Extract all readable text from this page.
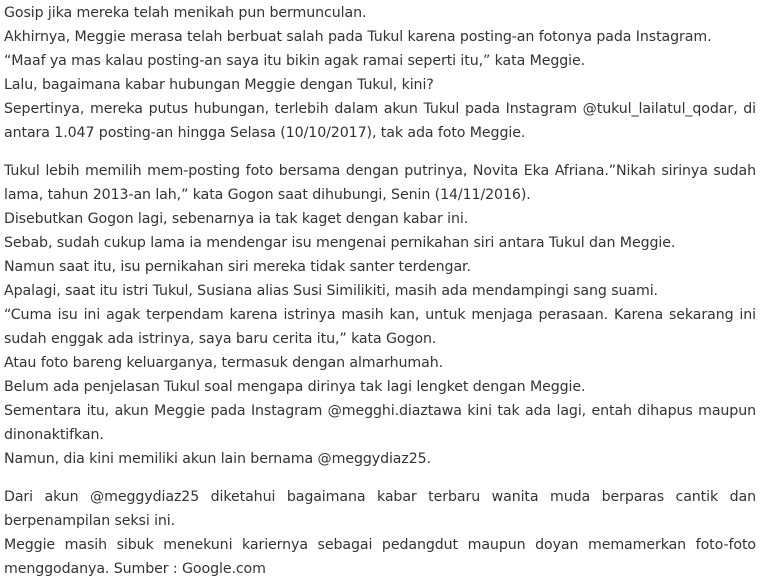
Gosip jika mereka telah menikah pun bermunculan.
Akhirnya, Meggie merasa telah berbuat salah pada Tukul karena posting-an fotonya pada Instagram.
“Maaf ya mas kalau posting-an saya itu bikin agak ramai seperti itu,” kata Meggie.
Lalu, bagaimana kabar hubungan Meggie dengan Tukul, kini?
Sepertinya, mereka putus hubungan, terlebih dalam akun Tukul pada Instagram @tukul_lailatul_qodar, di
antara 1.047 posting-an hingga Selasa (10/10/2017), tak ada foto Meggie.

Tukul lebih memilih mem-posting foto bersama dengan putrinya, Novita Eka Afriana.”Nikah sirinya sudah
lama, tahun 2013-an lah,” kata Gogon saat dihubungi, Senin (14/11/2016).
Disebutkan Gogon lagi, sebenarnya ia tak kaget dengan kabar ini.
Sebab, sudah cukup lama ia mendengar isu mengenai pernikahan siri antara Tukul dan Meggie.
Namun saat itu, isu pernikahan siri mereka tidak santer terdengar.
Apalagi, saat itu istri Tukul, Susiana alias Susi Similikiti, masih ada mendampingi sang suami.
“Cuma isu ini agak terpendam karena istrinya masih kan, untuk menjaga perasaan. Karena sekarang ini
sudah enggak ada istrinya, saya baru cerita itu,” kata Gogon.
Atau foto bareng keluarganya, termasuk dengan almarhumah.
Belum ada penjelasan Tukul soal mengapa dirinya tak lagi lengket dengan Meggie.
Sementara itu, akun Meggie pada Instagram @megghi.diaztawa kini tak ada lagi, entah dihapus maupun
dinonaktifkan.
Namun, dia kini memiliki akun lain bernama @meggydiaz25.

Dari akun @meggydiaz25 diketahui bagaimana kabar terbaru wanita muda berparas cantik dan
berpenampilan seksi ini.
Meggie masih sibuk menekuni kariernya sebagai pedangdut maupun doyan memamerkan foto-foto
menggodanya. Sumber : Google.com
